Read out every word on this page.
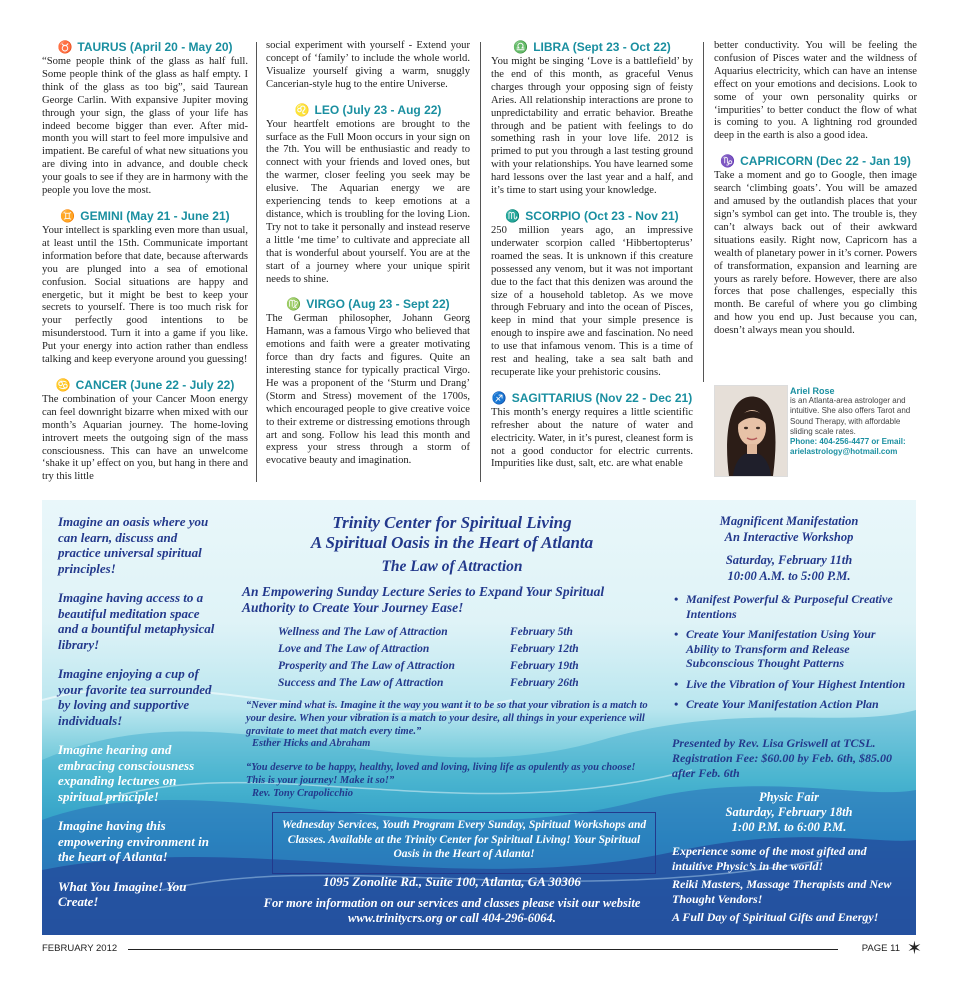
♉ TAURUS (April 20 - May 20)

“Some people think of the glass as half full. Some people think of the glass as half empty. I think of the glass as too big”, said Taurean George Carlin. With expansive Jupiter moving through your sign, the glass of your life has indeed become bigger than ever. After mid-month you will start to feel more impulsive and impatient. Be careful of what new situations you are diving into in advance, and double check your goals to see if they are in harmony with the people you love the most.

♊ GEMINI (May 21 - June 21)

Your intellect is sparkling even more than usual, at least until the 15th. Communicate important information before that date, because afterwards you are plunged into a sea of emotional confusion. Social situations are happy and energetic, but it might be best to keep your secrets to yourself. There is too much risk for your perfectly good intentions to be misunderstood. Turn it into a game if you like. Put your energy into action rather than endless talking and keep everyone around you guessing!

♋ CANCER (June 22 - July 22)

The combination of your Cancer Moon energy can feel downright bizarre when mixed with our month’s Aquarian journey. The home-loving introvert meets the outgoing sign of the mass consciousness. This can have an unwelcome ‘shake it up’ effect on you, but hang in there and try this little

social experiment with yourself - Extend your concept of ‘family’ to include the whole world. Visualize yourself giving a warm, snuggly Cancerian-style hug to the entire Universe.

♌ LEO (July 23 - Aug 22)

Your heartfelt emotions are brought to the surface as the Full Moon occurs in your sign on the 7th. You will be enthusiastic and ready to connect with your friends and loved ones, but the warmer, closer feeling you seek may be elusive. The Aquarian energy we are experiencing tends to keep emotions at a distance, which is troubling for the loving Lion. Try not to take it personally and instead reserve a little ‘me time’ to cultivate and appreciate all that is wonderful about yourself. You are at the start of a journey where your unique spirit needs to shine.

♍ VIRGO (Aug 23 - Sept 22)

The German philosopher, Johann Georg Hamann, was a famous Virgo who believed that emotions and faith were a greater motivating force than dry facts and figures. Quite an interesting stance for typically practical Virgo. He was a proponent of the ‘Sturm und Drang’ (Storm and Stress) movement of the 1700s, which encouraged people to give creative voice to their extreme or distressing emotions through art and song. Follow his lead this month and express your stress through a storm of evocative beauty and imagination.

♎ LIBRA (Sept 23 - Oct 22)

You might be singing ‘Love is a battlefield’ by the end of this month, as graceful Venus charges through your opposing sign of feisty Aries. All relationship interactions are prone to unpredictability and erratic behavior. Breathe through and be patient with feelings to do something rash in your love life. 2012 is primed to put you through a last testing ground with your relationships. You have learned some hard lessons over the last year and a half, and it’s time to start using your knowledge.

♏ SCORPIO (Oct 23 - Nov 21)

250 million years ago, an impressive underwater scorpion called ‘Hibbertopterus’ roamed the seas. It is unknown if this creature possessed any venom, but it was not important due to the fact that this denizen was around the size of a household tabletop. As we move through February and into the ocean of Pisces, keep in mind that your simple presence is enough to inspire awe and fascination. No need to use that infamous venom. This is a time of rest and healing, take a sea salt bath and recuperate like your prehistoric cousins.

♐ SAGITTARIUS (Nov 22 - Dec 21)

This month’s energy requires a little scientific refresher about the nature of water and electricity. Water, in it’s purest, cleanest form is not a good conductor for electric currents. Impurities like dust, salt, etc. are what enable

better conductivity. You will be feeling the confusion of Pisces water and the wildness of Aquarius electricity, which can have an intense effect on your emotions and decisions. Look to some of your own personality quirks or ‘impurities’ to better conduct the flow of what is coming to you. A lightning rod grounded deep in the earth is also a good idea.

♑ CAPRICORN (Dec 22 - Jan 19)

Take a moment and go to Google, then image search ‘climbing goats’. You will be amazed and amused by the outlandish places that your sign’s symbol can get into. The trouble is, they can’t always back out of their awkward situations easily. Right now, Capricorn has a wealth of planetary power in it’s corner. Powers of transformation, expansion and learning are yours as rarely before. However, there are also forces that pose challenges, especially this month. Be careful of where you go climbing and how you end up. Just because you can, doesn’t always mean you should.

Ariel Rose
is an Atlanta-area astrologer and intuitive. She also offers Tarot and Sound Therapy, with affordable sliding scale rates.
Phone: 404-256-4477 or Email: arielastrology@hotmail.com

Imagine an oasis where you can learn, discuss and practice universal spiritual principles!

Imagine having access to a beautiful meditation space and a bountiful metaphysical library!

Imagine enjoying a cup of your favorite tea surrounded by loving and supportive individuals!

Imagine hearing and embracing consciousness expanding lectures on spiritual principle!

Imagine having this empowering environment in the heart of Atlanta!

What You Imagine! You Create!

Trinity Center for Spiritual Living
A Spiritual Oasis in the Heart of Atlanta
The Law of Attraction
An Empowering Sunday Lecture Series to Expand Your Spiritual Authority to Create Your Journey Ease!
Wellness and The Law of Attraction	February 5th
Love and The Law of Attraction	February 12th
Prosperity and The Law of Attraction	February 19th
Success and The Law of Attraction	February 26th
“Never mind what is. Imagine it the way you want it to be so that your vibration is a match to your desire. When your vibration is a match to your desire, all things in your experience will gravitate to meet that match every time.”
Esther Hicks and Abraham
“You deserve to be happy, healthy, loved and loving, living life as opulently as you choose! This is your journey! Make it so!”
Rev. Tony Crapolicchio
Wednesday Services, Youth Program Every Sunday, Spiritual Workshops and Classes. Available at the Trinity Center for Spiritual Living! Your Spiritual Oasis in the Heart of Atlanta!
1095 Zonolite Rd., Suite 100, Atlanta, GA 30306
For more information on our services and classes please visit our website www.trinitycrs.org or call 404-296-6064.
Magnificent Manifestation
An Interactive Workshop
Saturday, February 11th
10:00 A.M. to 5:00 P.M.
• Manifest Powerful & Purposeful Creative Intentions
• Create Your Manifestation Using Your Ability to Transform and Release Subconscious Thought Patterns
• Live the Vibration of Your Highest Intention
• Create Your Manifestation Action Plan
Presented by Rev. Lisa Griswell at TCSL.
Registration Fee: $60.00 by Feb. 6th, $85.00 after Feb. 6th
Physic Fair
Saturday, February 18th
1:00 P.M. to 6:00 P.M.
Experience some of the most gifted and intuitive Physic’s in the world!
Reiki Masters, Massage Therapists and New Thought Vendors!
A Full Day of Spiritual Gifts and Energy!
FEBRUARY 2012	PAGE 11 ✶
